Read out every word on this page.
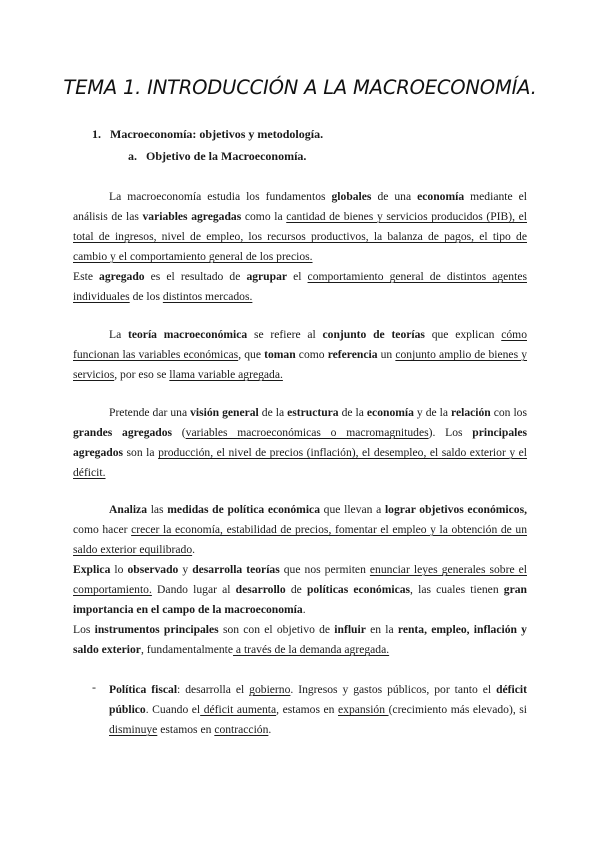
TEMA 1. INTRODUCCIÓN A LA MACROECONOMÍA.
1. Macroeconomía: objetivos y metodología.
a. Objetivo de la Macroeconomía.

La macroeconomía estudia los fundamentos globales de una economía mediante el análisis de las variables agregadas como la cantidad de bienes y servicios producidos (PIB), el total de ingresos, nivel de empleo, los recursos productivos, la balanza de pagos, el tipo de cambio y el comportamiento general de los precios.

Este agregado es el resultado de agrupar el comportamiento general de distintos agentes individuales de los distintos mercados.

La teoría macroeconómica se refiere al conjunto de teorías que explican cómo funcionan las variables económicas, que toman como referencia un conjunto amplio de bienes y servicios, por eso se llama variable agregada.

Pretende dar una visión general de la estructura de la economía y de la relación con los grandes agregados (variables macroeconómicas o macromagnitudes). Los principales agregados son la producción, el nivel de precios (inflación), el desempleo, el saldo exterior y el déficit.

Analiza las medidas de política económica que llevan a lograr objetivos económicos, como hacer crecer la economía, estabilidad de precios, fomentar el empleo y la obtención de un saldo exterior equilibrado.

Explica lo observado y desarrolla teorías que nos permiten enunciar leyes generales sobre el comportamiento. Dando lugar al desarrollo de políticas económicas, las cuales tienen gran importancia en el campo de la macroeconomía.

Los instrumentos principales son con el objetivo de influir en la renta, empleo, inflación y saldo exterior, fundamentalmente a través de la demanda agregada.

- Política fiscal: desarrolla el gobierno. Ingresos y gastos públicos, por tanto el déficit público. Cuando el déficit aumenta, estamos en expansión (crecimiento más elevado), si disminuye estamos en contracción.
